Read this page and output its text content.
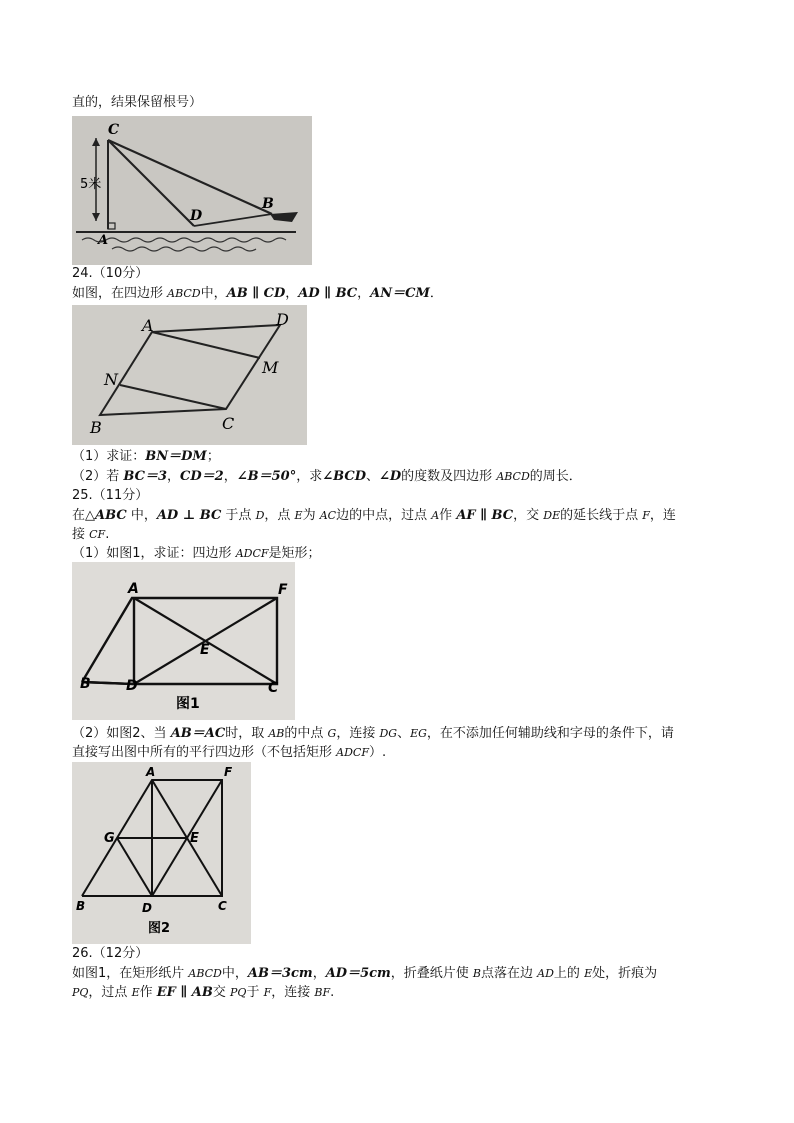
直的，结果保留根号）
C
5米
D
B
A
24.（10分）
如图，在四边形 ABCD中，AB ∥ CD，AD ∥ BC，AN＝CM．
A	D
N
M
B	C
（1）求证：BN＝DM；
（2）若 BC＝3，CD＝2，∠B＝50°，求∠BCD、∠D的度数及四边形 ABCD的周长．
25.（11分）
在△ABC 中，AD ⊥ BC 于点 D，点 E为 AC边的中点，过点 A作 AF ∥ BC，交 DE的延长线于点 F，连
接 CF.
（1）如图1，求证：四边形 ADCF是矩形；
A	F
E
B	D	C
图1
（2）如图2、当 AB＝AC时，取 AB的中点 G，连接 DG、EG，在不添加任何辅助线和字母的条件下，请
直接写出图中所有的平行四边形（不包括矩形 ADCF）.
A	F
G	E
B	D	C
图2
26.（12分）
如图1，在矩形纸片 ABCD中，AB＝3cm，AD＝5cm，折叠纸片使 B点落在边 AD上的 E处，折痕为
PQ，过点 E作 EF ∥ AB交 PQ于 F，连接 BF.
